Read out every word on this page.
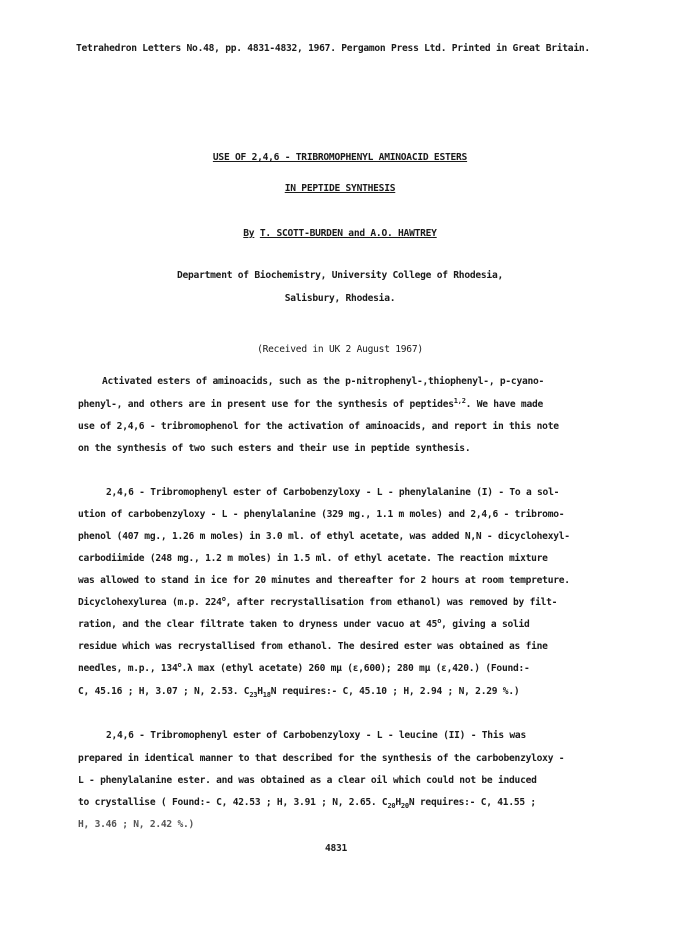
Tetrahedron Letters No.48, pp. 4831-4832, 1967. Pergamon Press Ltd. Printed in Great Britain.
USE OF 2,4,6 - TRIBROMOPHENYL AMINOACID ESTERS
IN PEPTIDE SYNTHESIS
By T. SCOTT-BURDEN and A.O. HAWTREY
Department of Biochemistry, University College of Rhodesia,
Salisbury, Rhodesia.
(Received in UK 2 August 1967)
Activated esters of aminoacids, such as the p-nitrophenyl-,thiophenyl-, p-cyano-
phenyl-, and others are in present use for the synthesis of peptides$^{1,2}$. We have made
use of 2,4,6 - tribromophenol for the activation of aminoacids, and report in this note
on the synthesis of two such esters and their use in peptide synthesis.
2,4,6 - Tribromophenyl ester of Carbobenzyloxy - L - phenylalanine (I) - To a sol-
ution of carbobenzyloxy - L - phenylalanine (329 mg., 1.1 m moles) and 2,4,6 - tribromo-
phenol (407 mg., 1.26 m moles) in 3.0 ml. of ethyl acetate, was added N,N - dicyclohexyl-
carbodiimide (248 mg., 1.2 m moles) in 1.5 ml. of ethyl acetate. The reaction mixture
was allowed to stand in ice for 20 minutes and thereafter for 2 hours at room tempreture.
Dicyclohexylurea (m.p. 224$^o$, after recrystallisation from ethanol) was removed by filt-
ration, and the clear filtrate taken to dryness under vacuo at 45$^o$, giving a solid
residue which was recrystallised from ethanol. The desired ester was obtained as fine
needles, m.p., 134$^o$.λ max (ethyl acetate) 260 mμ (ε,600); 280 mμ (ε,420.) (Found:-
C, 45.16 ; H, 3.07 ; N, 2.53. $C_{23}H_{18}N$ requires:- C, 45.10 ; H, 2.94 ; N, 2.29 %.)
2,4,6 - Tribromophenyl ester of Carbobenzyloxy - L - leucine (II) - This was
prepared in identical manner to that described for the synthesis of the carbobenzyloxy -
L - phenylalanine ester. and was obtained as a clear oil which could not be induced
to crystallise ( Found:- C, 42.53 ; H, 3.91 ; N, 2.65. $C_{20}H_{20}N$ requires:- C, 41.55 ;
H, 3.46 ; N, 2.42 %.)
4831
